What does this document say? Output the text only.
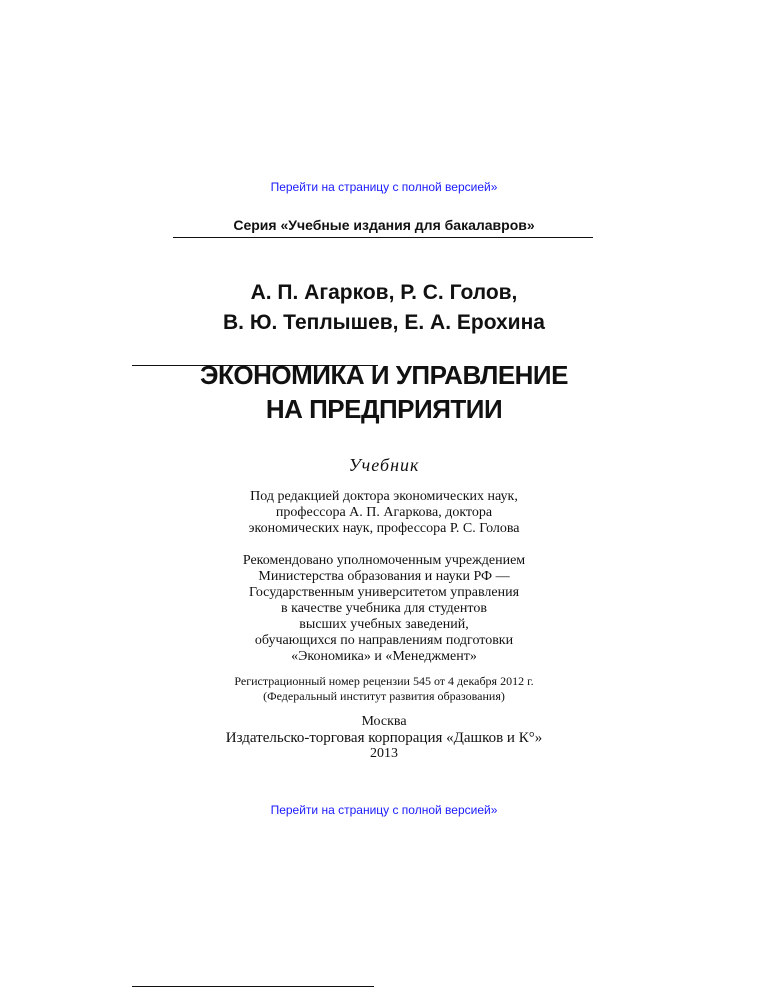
Перейти на страницу с полной версией»
Серия «Учебные издания для бакалавров»
А. П. Агарков, Р. С. Голов,
В. Ю. Теплышев, Е. А. Ерохина
ЭКОНОМИКА И УПРАВЛЕНИЕ
НА ПРЕДПРИЯТИИ
Учебник
Под редакцией доктора экономических наук,
профессора А. П. Агаркова, доктора
экономических наук, профессора Р. С. Голова
Рекомендовано уполномоченным учреждением
Министерства образования и науки РФ —
Государственным университетом управления
в качестве учебника для студентов
высших учебных заведений,
обучающихся по направлениям подготовки
«Экономика» и «Менеджмент»
Регистрационный номер рецензии 545 от 4 декабря 2012 г.
(Федеральный институт развития образования)
Москва
Издательско-торговая корпорация «Дашков и К°»
2013
Перейти на страницу с полной версией»
